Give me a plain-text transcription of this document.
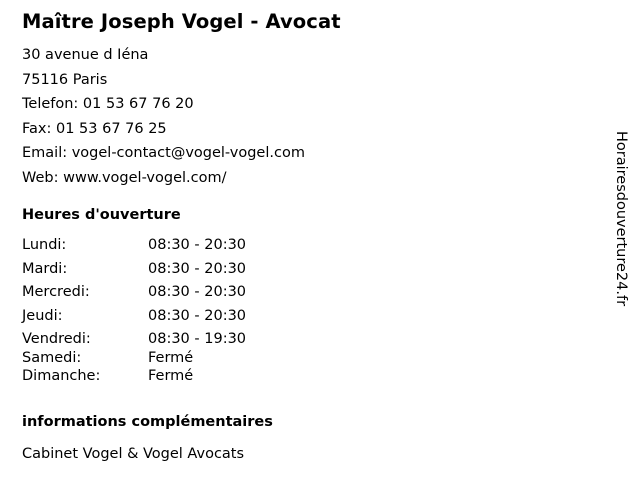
Maître Joseph Vogel - Avocat
30 avenue d Iéna
75116 Paris
Telefon: 01 53 67 76 20
Fax: 01 53 67 76 25
Email: vogel-contact@vogel-vogel.com
Web: www.vogel-vogel.com/
Heures d'ouverture
Lundi:	08:30 - 20:30
Mardi:	08:30 - 20:30
Mercredi:	08:30 - 20:30
Jeudi:	08:30 - 20:30
Vendredi:	08:30 - 19:30
Samedi:	Fermé
Dimanche:	Fermé
informations complémentaires
Cabinet Vogel & Vogel Avocats
Horairesdouverture24.fr
